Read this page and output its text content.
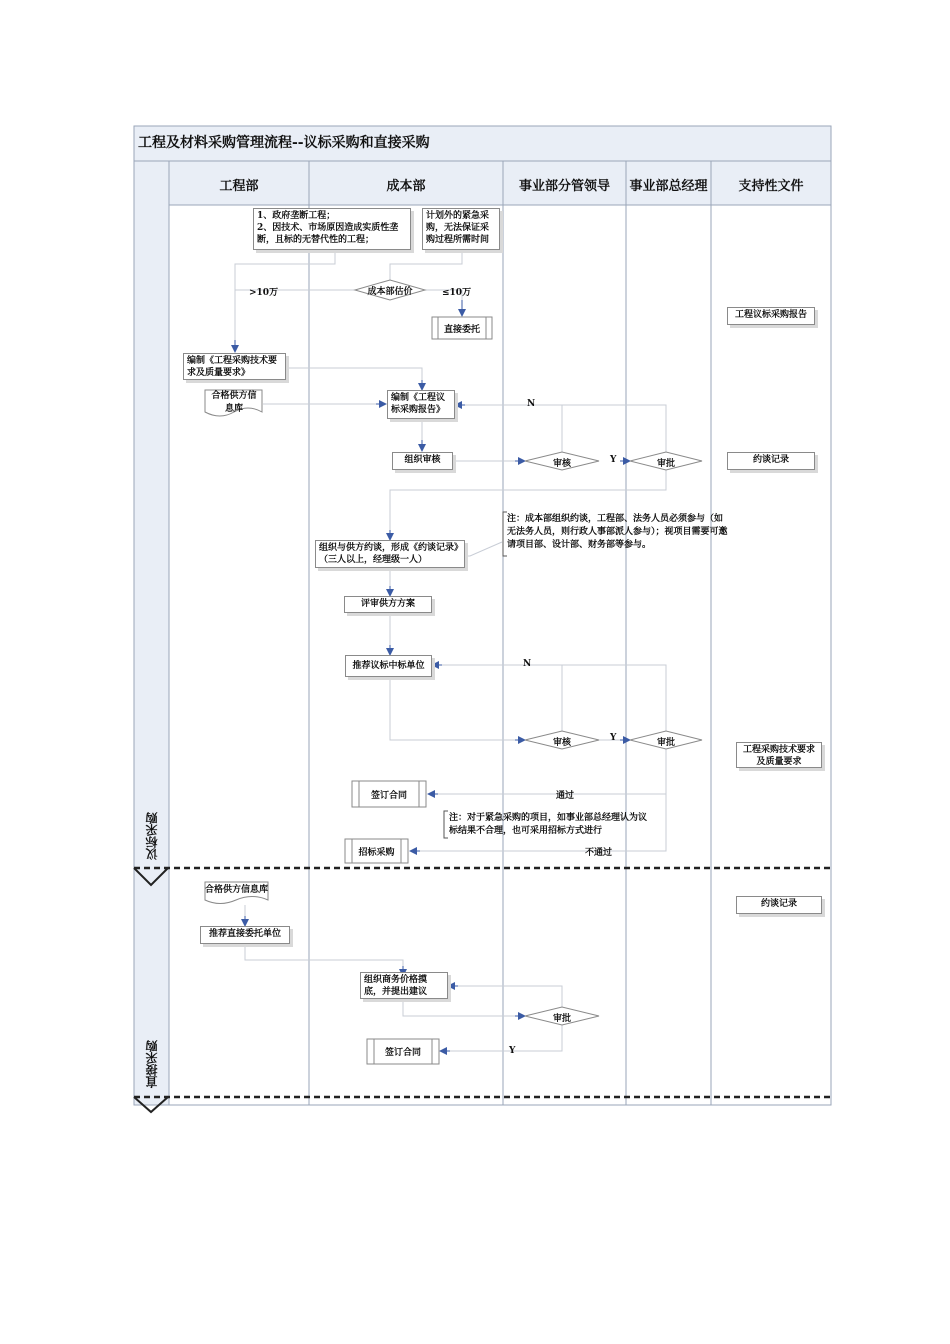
工程及材料采购管理流程--议标采购和直接采购
工程部	成本部	事业部分管领导	事业部总经理	支持性文件
议标采购
直接采购
1、政府垄断工程；
2、因技术、市场原因造成实质性垄断，且标的无替代性的工程；
计划外的紧急采购，无法保证采购过程所需时间
成本部估价
>10万	≤10万
直接委托
编制《工程采购技术要求及质量要求》
合格供方信息库
编制《工程议标采购报告》
组织审核	审核	审批
Y
N
注：成本部组织约谈，工程部、法务人员必须参与（如无法务人员，则行政人事部派人参与）；视项目需要可邀请项目部、设计部、财务部等参与。
组织与供方约谈，形成《约谈记录》（三人以上，经理级一人）
评审供方方案
推荐议标中标单位	N
审核	Y	审批
签订合同	通过
注：对于紧急采购的项目，如事业部总经理认为议标结果不合理，也可采用招标方式进行
招标采购	不通过
合格供方信息库
推荐直接委托单位
组织商务价格摸底，并提出建议
审批
Y
签订合同
工程议标采购报告
约谈记录
工程采购技术要求及质量要求
约谈记录
